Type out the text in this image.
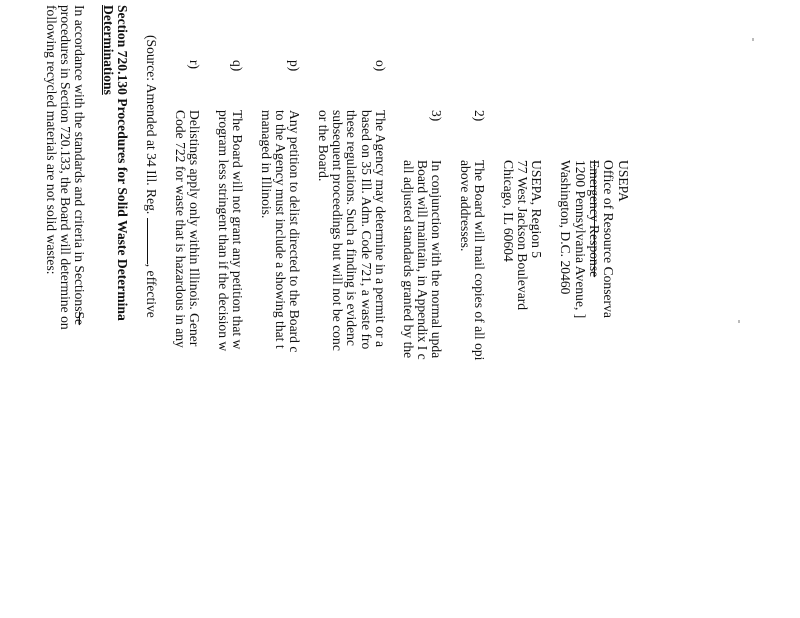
USEPA
Office of Resource Conserva
Emergency Response
1200 Pennsylvania Avenue, ]
Washington, D.C. 20460
USEPA, Region 5
77 West Jackson Boulevard
Chicago, IL 60604
2)
The Board will mail copies of all opi
above addresses.
3)
In conjunction with the normal upda
Board will maintain, in Appendix I c
all adjusted standards granted by the
o)
The Agency may determine in a permit or a
based on 35 Ill. Adm. Code 721, a waste fro
these regulations. Such a finding is evidenc
subsequent proceedings but will not be conc
or the Board.
p)
Any petition to delist directed to the Board c
to the Agency must include a showing that t
managed in Illinois.
q)
The Board will not grant any petition that w
program less stringent than if the decision w
r)
Delistings apply only within Illinois. Gener
Code 722 for waste that is hazardous in any
(Source: Amended at 34 Ill. Reg. , effective
Section 720.130 Procedures for Solid Waste Determina
Determinations
In accordance with the standards and criteria in SectionsSe
procedures in Section 720.133, the Board will determine on
following recycled materials are not solid wastes:
